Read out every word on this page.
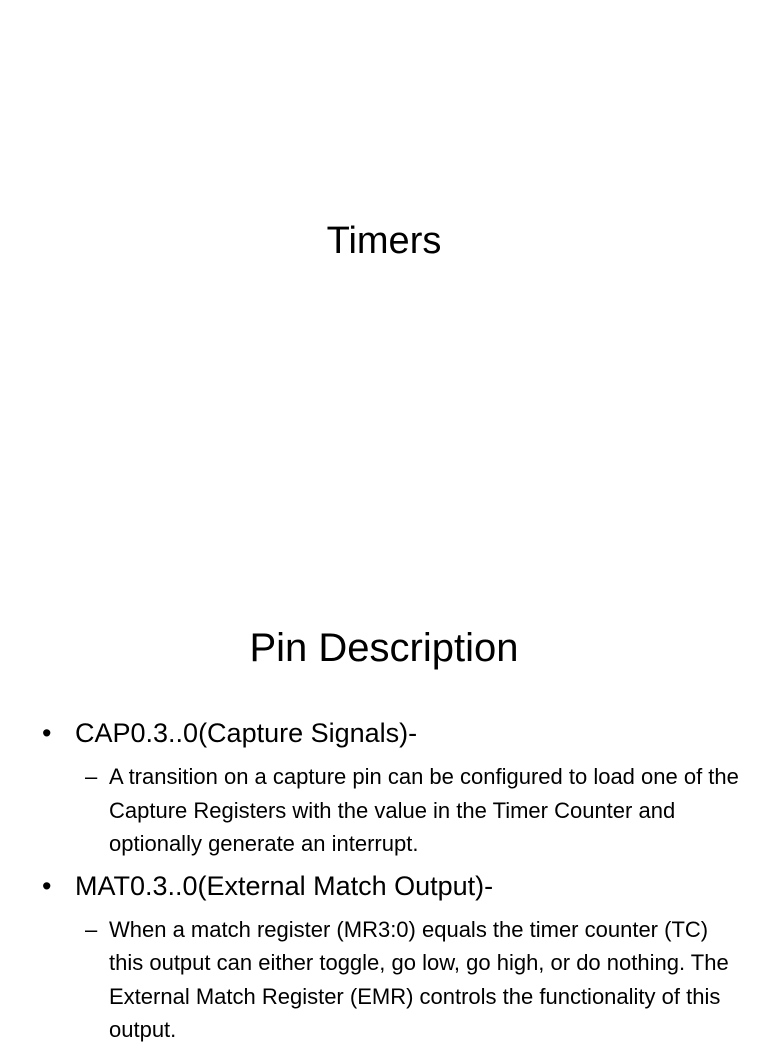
Timers
Pin Description
• CAP0.3..0(Capture Signals)-
– A transition on a capture pin can be configured to load one of the Capture Registers with the value in the Timer Counter and optionally generate an interrupt.
• MAT0.3..0(External Match Output)-
– When a match register (MR3:0) equals the timer counter (TC) this output can either toggle, go low, go high, or do nothing. The External Match Register (EMR) controls the functionality of this output.
